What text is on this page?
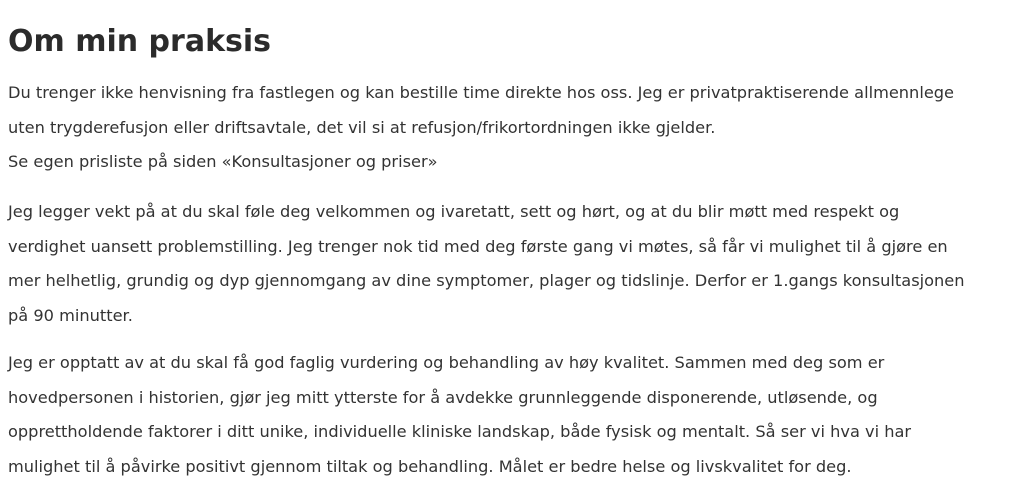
Om min praksis

Du trenger ikke henvisning fra fastlegen og kan bestille time direkte hos oss. Jeg er privatpraktiserende allmennlege
uten trygderefusjon eller driftsavtale, det vil si at refusjon/frikortordningen ikke gjelder.
Se egen prisliste på siden «Konsultasjoner og priser»

Jeg legger vekt på at du skal føle deg velkommen og ivaretatt, sett og hørt, og at du blir møtt med respekt og
verdighet uansett problemstilling. Jeg trenger nok tid med deg første gang vi møtes, så får vi mulighet til å gjøre en
mer helhetlig, grundig og dyp gjennomgang av dine symptomer, plager og tidslinje. Derfor er 1.gangs konsultasjonen
på 90 minutter.

Jeg er opptatt av at du skal få god faglig vurdering og behandling av høy kvalitet. Sammen med deg som er
hovedpersonen i historien, gjør jeg mitt ytterste for å avdekke grunnleggende disponerende, utløsende, og
opprettholdende faktorer i ditt unike, individuelle kliniske landskap, både fysisk og mentalt. Så ser vi hva vi har
mulighet til å påvirke positivt gjennom tiltak og behandling. Målet er bedre helse og livskvalitet for deg.
